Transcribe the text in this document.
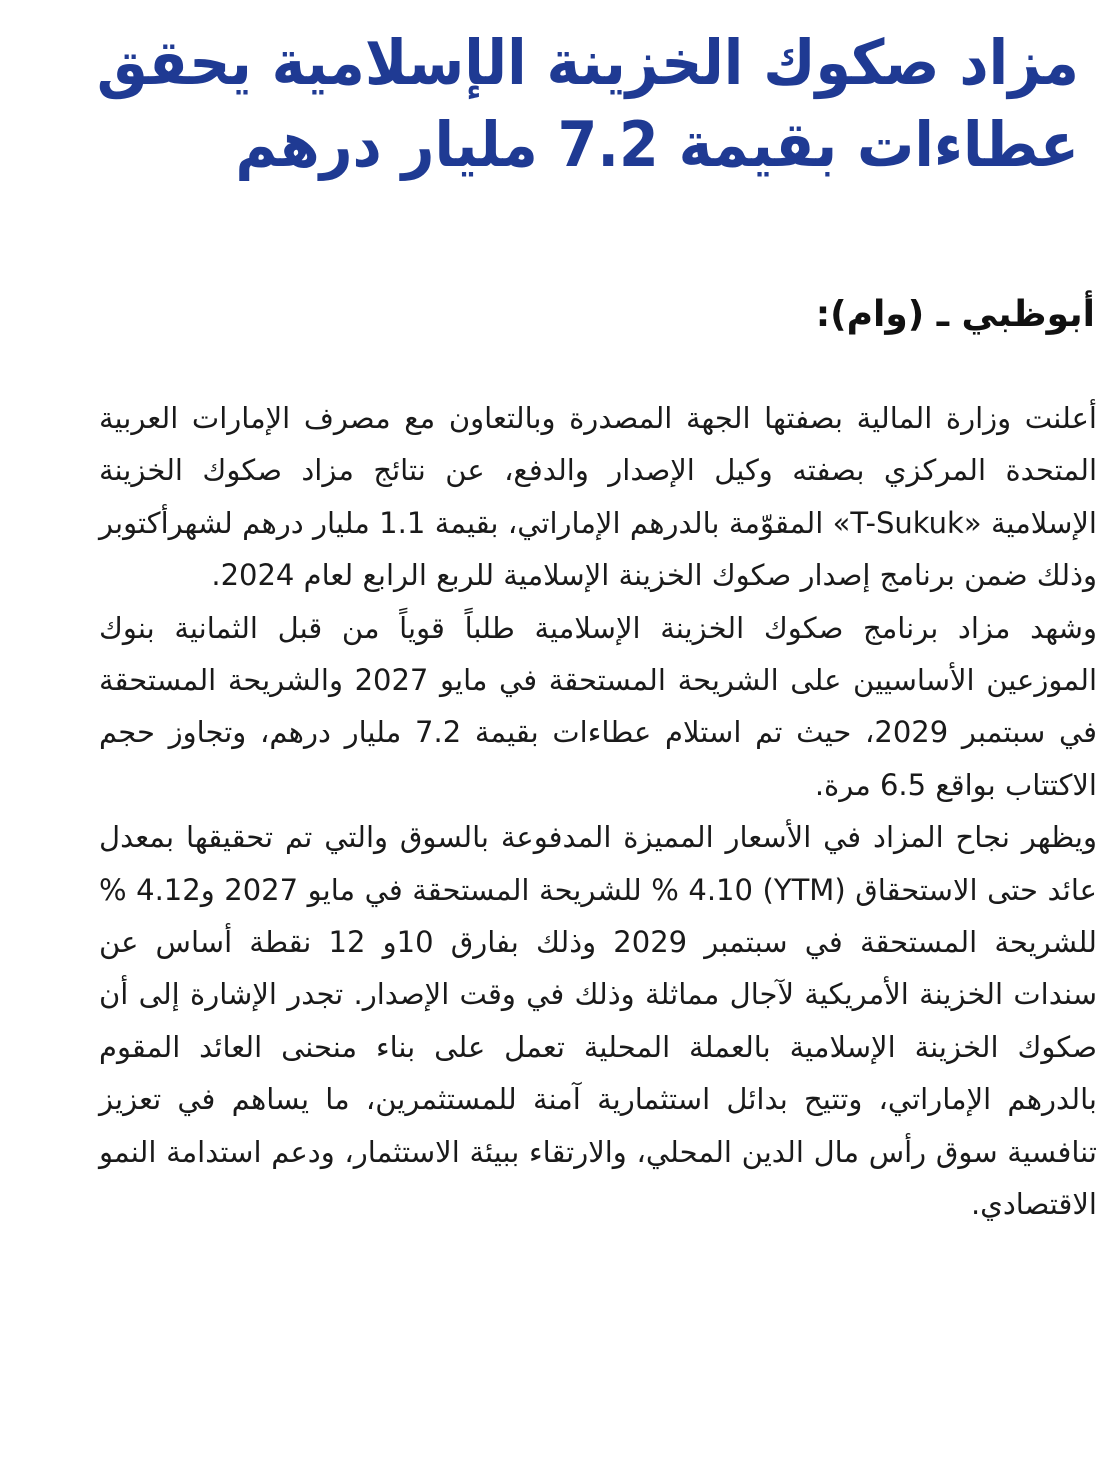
مزاد صكوك الخزينة الإسلامية يحقق
عطاءات بقيمة 7.2 مليار درهم
أبوظبي ـ (وام):

أعلنت وزارة المالية بصفتها الجهة المصدرة وبالتعاون مع مصرف الإمارات العربية المتحدة المركزي بصفته وكيل الإصدار والدفع، عن نتائج مزاد صكوك الخزينة الإسلامية «T-Sukuk» المقوّمة بالدرهم الإماراتي، بقيمة 1.1 مليار درهم لشهرأكتوبر وذلك ضمن برنامج إصدار صكوك الخزينة الإسلامية للربع الرابع لعام 2024.

وشهد مزاد برنامج صكوك الخزينة الإسلامية طلباً قوياً من قبل الثمانية بنوك الموزعين الأساسيين على الشريحة المستحقة في مايو 2027 والشريحة المستحقة في سبتمبر 2029، حيث تم استلام عطاءات بقيمة 7.2 مليار درهم، وتجاوز حجم الاكتتاب بواقع 6.5 مرة.

ويظهر نجاح المزاد في الأسعار المميزة المدفوعة بالسوق والتي تم تحقيقها بمعدل عائد حتى الاستحقاق (YTM) 4.10 % للشريحة المستحقة في مايو 2027 و4.12 % للشريحة المستحقة في سبتمبر 2029 وذلك بفارق 10و 12 نقطة أساس عن سندات الخزينة الأمريكية لآجال مماثلة وذلك في وقت الإصدار. تجدر الإشارة إلى أن صكوك الخزينة الإسلامية بالعملة المحلية تعمل على بناء منحنى العائد المقوم بالدرهم الإماراتي، وتتيح بدائل استثمارية آمنة للمستثمرين، ما يساهم في تعزيز تنافسية سوق رأس مال الدين المحلي، والارتقاء ببيئة الاستثمار، ودعم استدامة النمو الاقتصادي.
